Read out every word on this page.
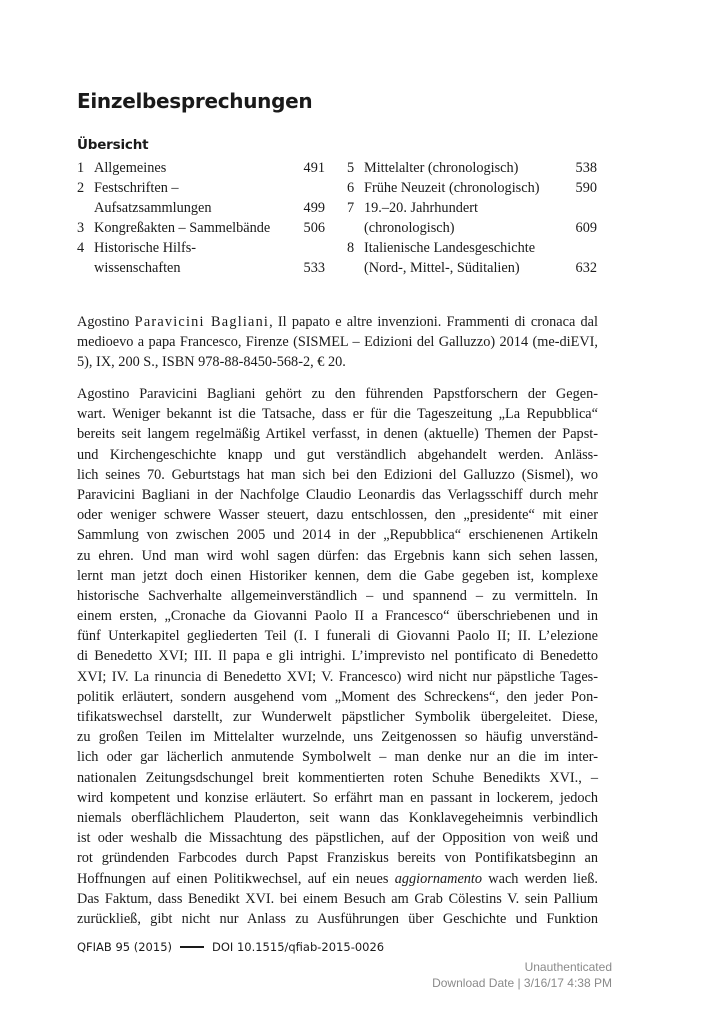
Einzelbesprechungen
Übersicht
1 Allgemeines	491
2 Festschriften –
Aufsatzsammlungen	499
3 Kongreßakten – Sammelbände	506
4 Historische Hilfs-
wissenschaften	533
5 Mittelalter (chronologisch)	538
6 Frühe Neuzeit (chronologisch)	590
7 19.–20. Jahrhundert
(chronologisch)	609
8 Italienische Landesgeschichte
(Nord-, Mittel-, Süditalien)	632

Agostino Paravicini Bagliani, Il papato e altre invenzioni. Frammenti di cronaca dal medioevo a papa Francesco, Firenze (SISMEL – Edizioni del Galluzzo) 2014 (me-diEVI, 5), IX, 200 S., ISBN 978-88-8450-568-2, € 20.

Agostino Paravicini Bagliani gehört zu den führenden Papstforschern der Gegen-
wart. Weniger bekannt ist die Tatsache, dass er für die Tageszeitung „La Repubblica“
bereits seit langem regelmäßig Artikel verfasst, in denen (aktuelle) Themen der Papst-
und Kirchengeschichte knapp und gut verständlich abgehandelt werden. Anläss-
lich seines 70. Geburtstags hat man sich bei den Edizioni del Galluzzo (Sismel), wo
Paravicini Bagliani in der Nachfolge Claudio Leonardis das Verlagsschiff durch mehr
oder weniger schwere Wasser steuert, dazu entschlossen, den „presidente“ mit einer
Sammlung von zwischen 2005 und 2014 in der „Repubblica“ erschienenen Artikeln
zu ehren. Und man wird wohl sagen dürfen: das Ergebnis kann sich sehen lassen,
lernt man jetzt doch einen Historiker kennen, dem die Gabe gegeben ist, komplexe
historische Sachverhalte allgemeinverständlich – und spannend – zu vermitteln. In
einem ersten, „Cronache da Giovanni Paolo II a Francesco“ überschriebenen und in
fünf Unterkapitel gegliederten Teil (I. I funerali di Giovanni Paolo II; II. L’elezione
di Benedetto XVI; III. Il papa e gli intrighi. L’imprevisto nel pontificato di Benedetto
XVI; IV. La rinuncia di Benedetto XVI; V. Francesco) wird nicht nur päpstliche Tages-
politik erläutert, sondern ausgehend vom „Moment des Schreckens“, den jeder Pon-
tifikatswechsel darstellt, zur Wunderwelt päpstlicher Symbolik übergeleitet. Diese,
zu großen Teilen im Mittelalter wurzelnde, uns Zeitgenossen so häufig unverständ-
lich oder gar lächerlich anmutende Symbolwelt – man denke nur an die im inter-
nationalen Zeitungsdschungel breit kommentierten roten Schuhe Benedikts XVI., –
wird kompetent und konzise erläutert. So erfährt man en passant in lockerem, jedoch
niemals oberflächlichem Plauderton, seit wann das Konklavegeheimnis verbindlich
ist oder weshalb die Missachtung des päpstlichen, auf der Opposition von weiß und
rot gründenden Farbcodes durch Papst Franziskus bereits von Pontifikatsbeginn an
Hoffnungen auf einen Politikwechsel, auf ein neues aggiornamento wach werden ließ.
Das Faktum, dass Benedikt XVI. bei einem Besuch am Grab Cölestins V. sein Pallium
zurückließ, gibt nicht nur Anlass zu Ausführungen über Geschichte und Funktion
QFIAB 95 (2015)	DOI 10.1515/qfiab-2015-0026
Unauthenticated
Download Date | 3/16/17 4:38 PM
